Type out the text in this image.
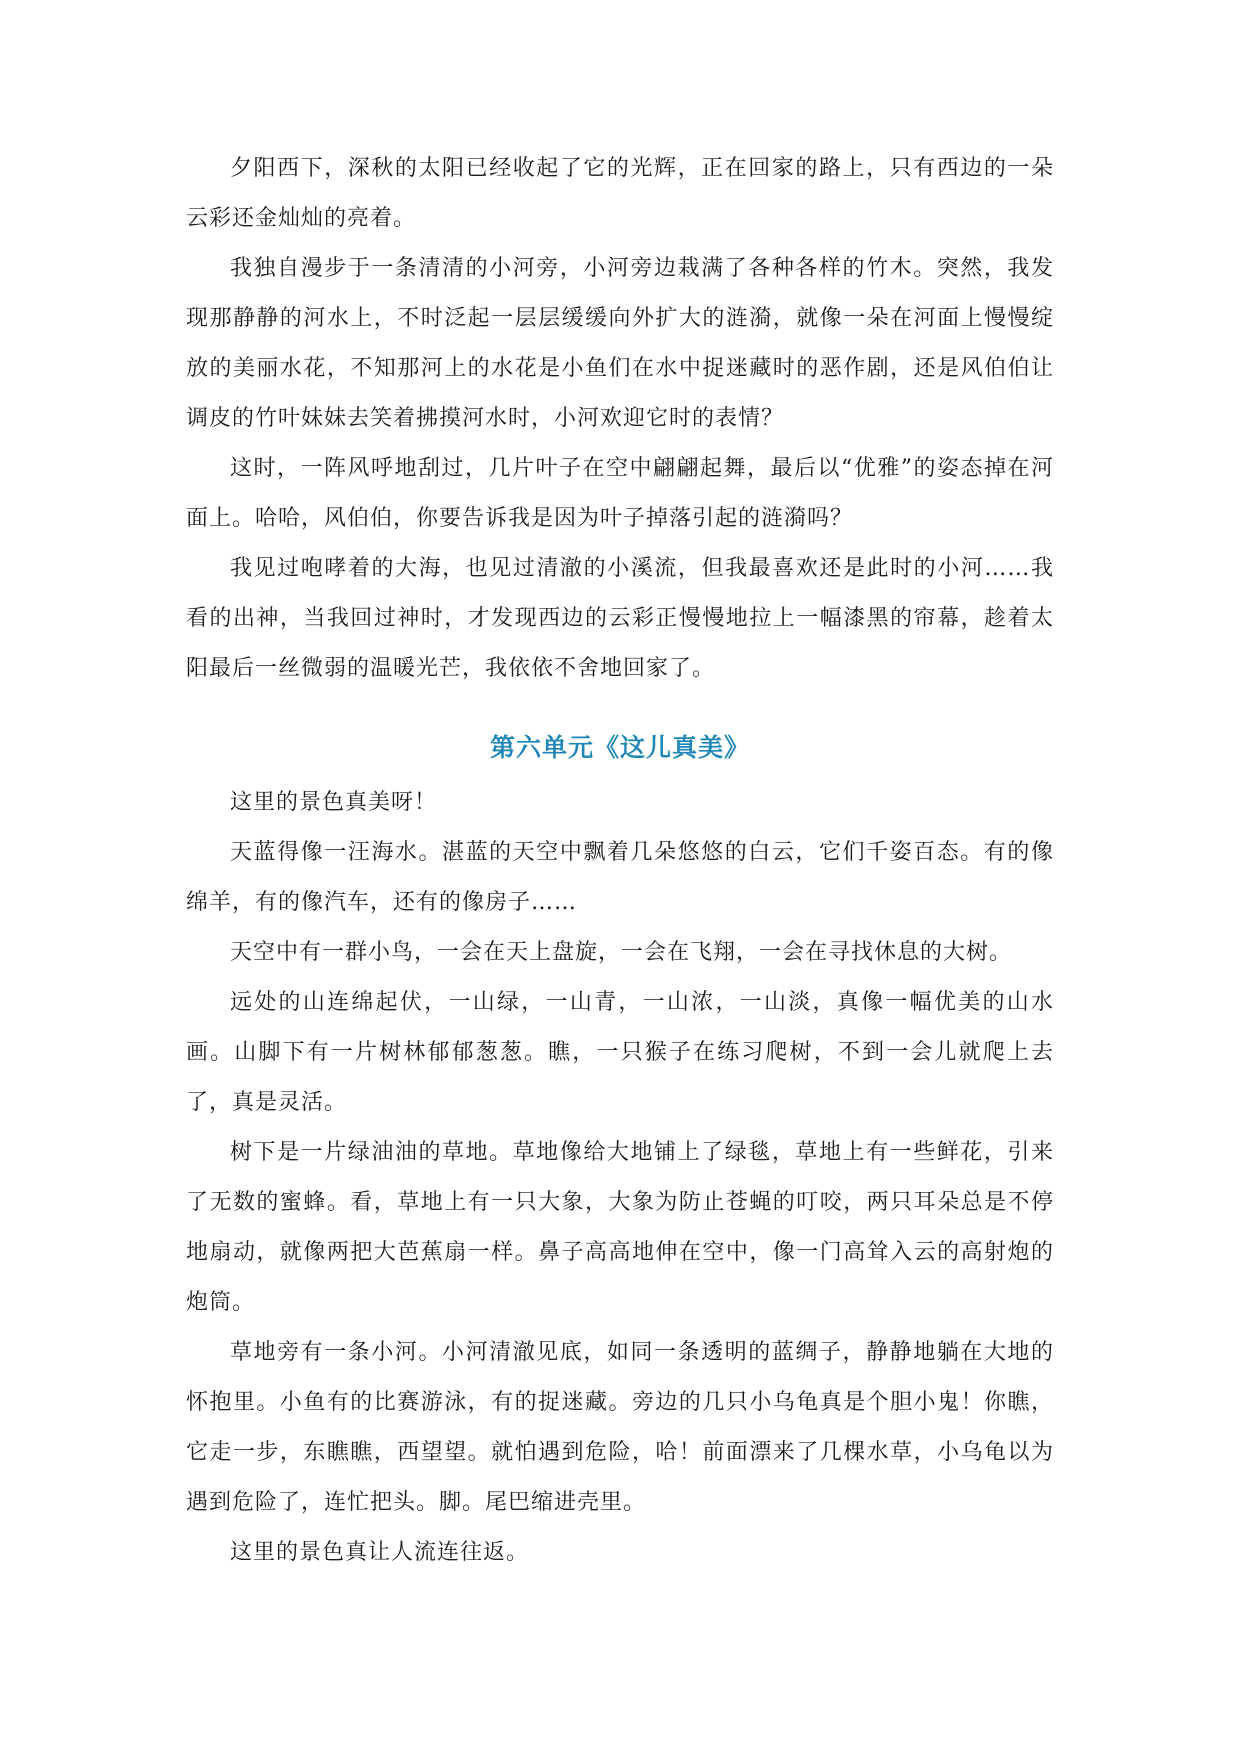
夕阳西下，深秋的太阳已经收起了它的光辉，正在回家的路上，只有西边的一朵云彩还金灿灿的亮着。

我独自漫步于一条清清的小河旁，小河旁边栽满了各种各样的竹木。突然，我发现那静静的河水上，不时泛起一层层缓缓向外扩大的涟漪，就像一朵在河面上慢慢绽放的美丽水花，不知那河上的水花是小鱼们在水中捉迷藏时的恶作剧，还是风伯伯让调皮的竹叶妹妹去笑着拂摸河水时，小河欢迎它时的表情？

这时，一阵风呼地刮过，几片叶子在空中翩翩起舞，最后以“优雅”的姿态掉在河面上。哈哈，风伯伯，你要告诉我是因为叶子掉落引起的涟漪吗？

我见过咆哮着的大海，也见过清澈的小溪流，但我最喜欢还是此时的小河……我看的出神，当我回过神时，才发现西边的云彩正慢慢地拉上一幅漆黑的帘幕，趁着太阳最后一丝微弱的温暖光芒，我依依不舍地回家了。

第六单元《这儿真美》

这里的景色真美呀！

天蓝得像一汪海水。湛蓝的天空中飘着几朵悠悠的白云，它们千姿百态。有的像绵羊，有的像汽车，还有的像房子……

天空中有一群小鸟，一会在天上盘旋，一会在飞翔，一会在寻找休息的大树。

远处的山连绵起伏，一山绿，一山青，一山浓，一山淡，真像一幅优美的山水画。山脚下有一片树林郁郁葱葱。瞧，一只猴子在练习爬树，不到一会儿就爬上去了，真是灵活。

树下是一片绿油油的草地。草地像给大地铺上了绿毯，草地上有一些鲜花，引来了无数的蜜蜂。看，草地上有一只大象，大象为防止苍蝇的叮咬，两只耳朵总是不停地扇动，就像两把大芭蕉扇一样。鼻子高高地伸在空中，像一门高耸入云的高射炮的炮筒。

草地旁有一条小河。小河清澈见底，如同一条透明的蓝绸子，静静地躺在大地的怀抱里。小鱼有的比赛游泳，有的捉迷藏。旁边的几只小乌龟真是个胆小鬼！你瞧，它走一步，东瞧瞧，西望望。就怕遇到危险，哈！前面漂来了几棵水草，小乌龟以为遇到危险了，连忙把头。脚。尾巴缩进壳里。

这里的景色真让人流连往返。
